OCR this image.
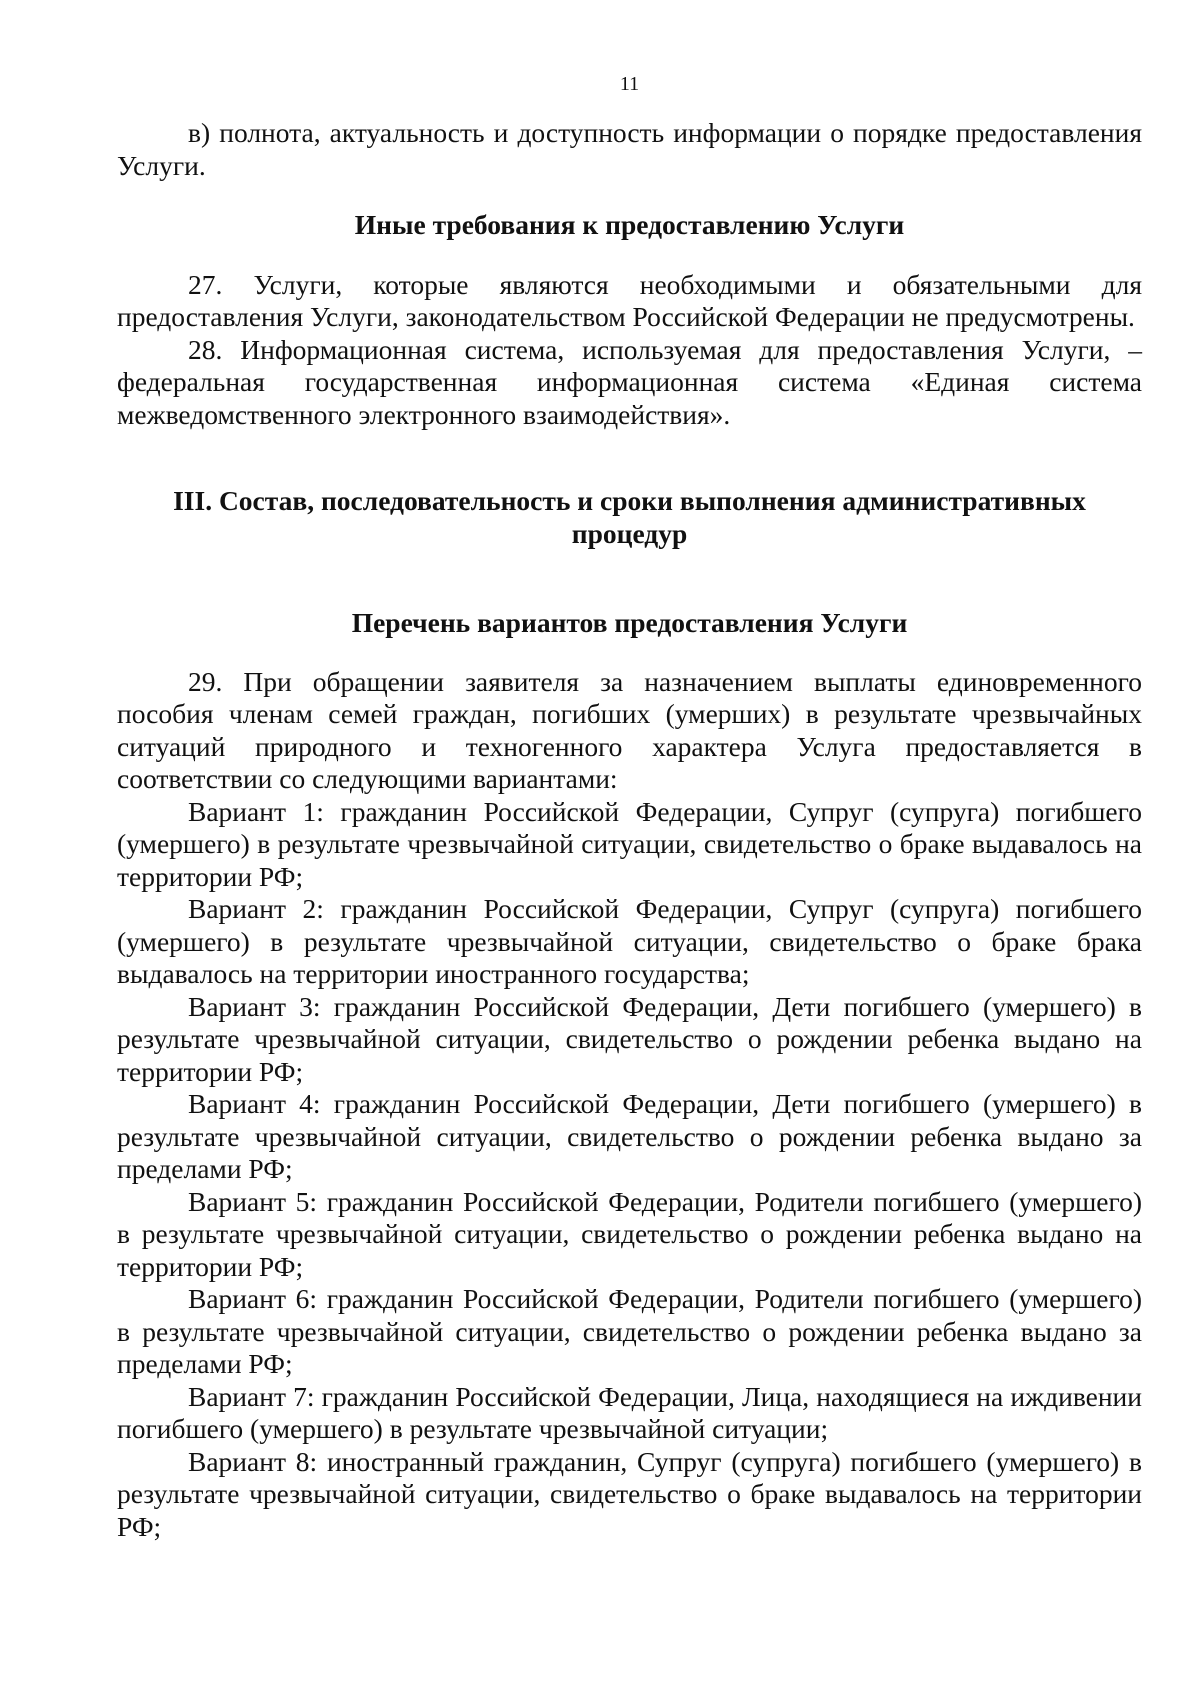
11

в) полнота, актуальность и доступность информации о порядке предоставления Услуги.

Иные требования к предоставлению Услуги

27. Услуги, которые являются необходимыми и обязательными для предоставления Услуги, законодательством Российской Федерации не предусмотрены.

28. Информационная система, используемая для предоставления Услуги, – федеральная государственная информационная система «Единая система межведомственного электронного взаимодействия».

III. Состав, последовательность и сроки выполнения административных процедур
Перечень вариантов предоставления Услуги

29. При обращении заявителя за назначением выплаты единовременного пособия членам семей граждан, погибших (умерших) в результате чрезвычайных ситуаций природного и техногенного характера Услуга предоставляется в соответствии со следующими вариантами:

Вариант 1: гражданин Российской Федерации, Супруг (супруга) погибшего (умершего) в результате чрезвычайной ситуации, свидетельство о браке выдавалось на территории РФ;

Вариант 2: гражданин Российской Федерации, Супруг (супруга) погибшего (умершего) в результате чрезвычайной ситуации, свидетельство о браке брака выдавалось на территории иностранного государства;

Вариант 3: гражданин Российской Федерации, Дети погибшего (умершего) в результате чрезвычайной ситуации, свидетельство о рождении ребенка выдано на территории РФ;

Вариант 4: гражданин Российской Федерации, Дети погибшего (умершего) в результате чрезвычайной ситуации, свидетельство о рождении ребенка выдано за пределами РФ;

Вариант 5: гражданин Российской Федерации, Родители погибшего (умершего) в результате чрезвычайной ситуации, свидетельство о рождении ребенка выдано на территории РФ;

Вариант 6: гражданин Российской Федерации, Родители погибшего (умершего) в результате чрезвычайной ситуации, свидетельство о рождении ребенка выдано за пределами РФ;

Вариант 7: гражданин Российской Федерации, Лица, находящиеся на иждивении погибшего (умершего) в результате чрезвычайной ситуации;

Вариант 8: иностранный гражданин, Супруг (супруга) погибшего (умершего) в результате чрезвычайной ситуации, свидетельство о браке выдавалось на территории РФ;
